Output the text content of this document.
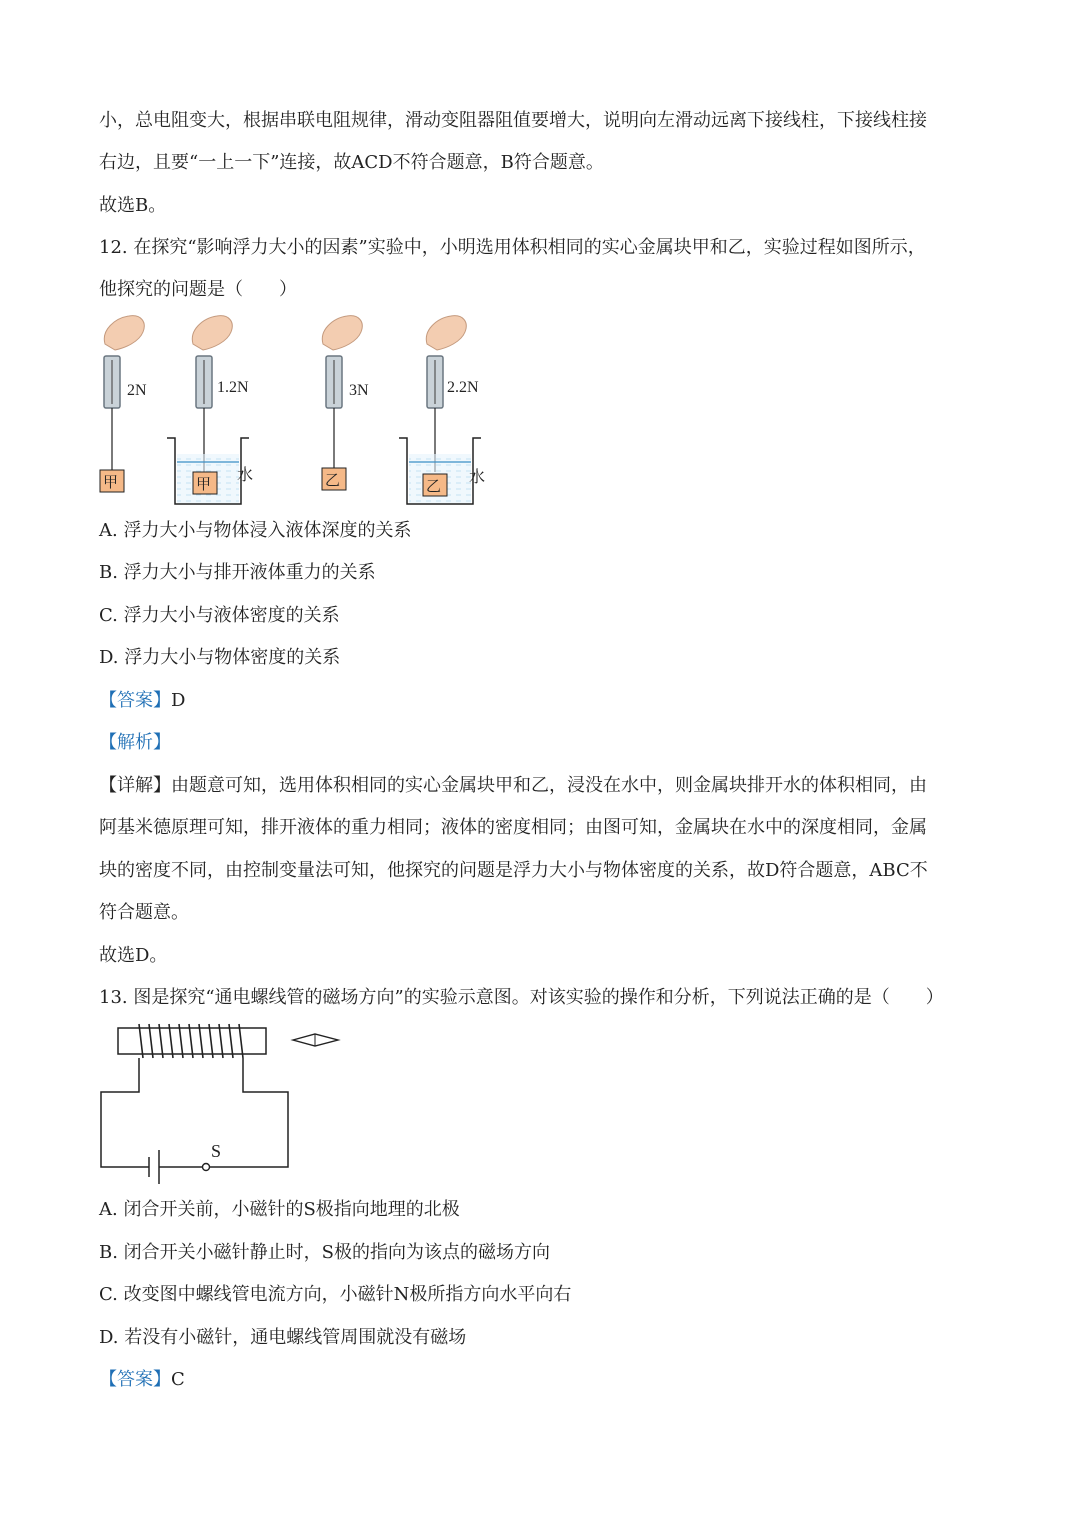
小，总电阻变大，根据串联电阻规律，滑动变阻器阻值要增大，说明向左滑动远离下接线柱，下接线柱接
右边，且要“一上一下”连接，故ACD不符合题意，B符合题意。
故选B。
12. 在探究“影响浮力大小的因素”实验中，小明选用体积相同的实心金属块甲和乙，实验过程如图所示，
他探究的问题是（　　）
2N
甲
1.2N
甲
水
3N
乙
2.2N
乙
水
A. 浮力大小与物体浸入液体深度的关系
B. 浮力大小与排开液体重力的关系
C. 浮力大小与液体密度的关系
D. 浮力大小与物体密度的关系
【答案】D
【解析】
【详解】由题意可知，选用体积相同的实心金属块甲和乙，浸没在水中，则金属块排开水的体积相同，由
阿基米德原理可知，排开液体的重力相同；液体的密度相同；由图可知，金属块在水中的深度相同，金属
块的密度不同，由控制变量法可知，他探究的问题是浮力大小与物体密度的关系，故D符合题意，ABC不
符合题意。
故选D。
13. 图是探究“通电螺线管的磁场方向”的实验示意图。对该实验的操作和分析，下列说法正确的是（　　）
S
A. 闭合开关前，小磁针的S极指向地理的北极
B. 闭合开关小磁针静止时，S极的指向为该点的磁场方向
C. 改变图中螺线管电流方向，小磁针N极所指方向水平向右
D. 若没有小磁针，通电螺线管周围就没有磁场
【答案】C
